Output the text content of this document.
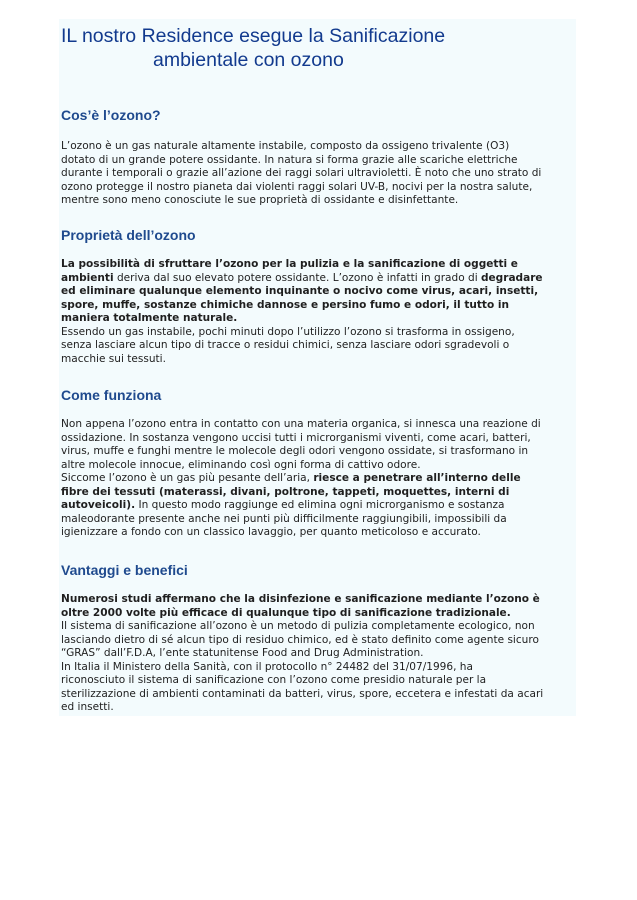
IL nostro Residence esegue la Sanificazione
ambientale con ozono
Cos’è l’ozono?
L’ozono è un gas naturale altamente instabile, composto da ossigeno trivalente (O3)
dotato di un grande potere ossidante. In natura si forma grazie alle scariche elettriche
durante i temporali o grazie all’azione dei raggi solari ultravioletti. È noto che uno strato di
ozono protegge il nostro pianeta dai violenti raggi solari UV-B, nocivi per la nostra salute,
mentre sono meno conosciute le sue proprietà di ossidante e disinfettante.
Proprietà dell’ozono
La possibilità di sfruttare l’ozono per la pulizia e la sanificazione di oggetti e
ambienti deriva dal suo elevato potere ossidante. L’ozono è infatti in grado di degradare
ed eliminare qualunque elemento inquinante o nocivo come virus, acari, insetti,
spore, muffe, sostanze chimiche dannose e persino fumo e odori, il tutto in
maniera totalmente naturale.
Essendo un gas instabile, pochi minuti dopo l’utilizzo l’ozono si trasforma in ossigeno,
senza lasciare alcun tipo di tracce o residui chimici, senza lasciare odori sgradevoli o
macchie sui tessuti.
Come funziona
Non appena l’ozono entra in contatto con una materia organica, si innesca una reazione di
ossidazione. In sostanza vengono uccisi tutti i microrganismi viventi, come acari, batteri,
virus, muffe e funghi mentre le molecole degli odori vengono ossidate, si trasformano in
altre molecole innocue, eliminando così ogni forma di cattivo odore.
Siccome l’ozono è un gas più pesante dell’aria, riesce a penetrare all’interno delle
fibre dei tessuti (materassi, divani, poltrone, tappeti, moquettes, interni di
autoveicoli). In questo modo raggiunge ed elimina ogni microrganismo e sostanza
maleodorante presente anche nei punti più difficilmente raggiungibili, impossibili da
igienizzare a fondo con un classico lavaggio, per quanto meticoloso e accurato.
Vantaggi e benefici
Numerosi studi affermano che la disinfezione e sanificazione mediante l’ozono è
oltre 2000 volte più efficace di qualunque tipo di sanificazione tradizionale.
Il sistema di sanificazione all’ozono è un metodo di pulizia completamente ecologico, non
lasciando dietro di sé alcun tipo di residuo chimico, ed è stato definito come agente sicuro
“GRAS” dall’F.D.A, l’ente statunitense Food and Drug Administration.
In Italia il Ministero della Sanità, con il protocollo n° 24482 del 31/07/1996, ha
riconosciuto il sistema di sanificazione con l’ozono come presidio naturale per la
sterilizzazione di ambienti contaminati da batteri, virus, spore, eccetera e infestati da acari
ed insetti.
